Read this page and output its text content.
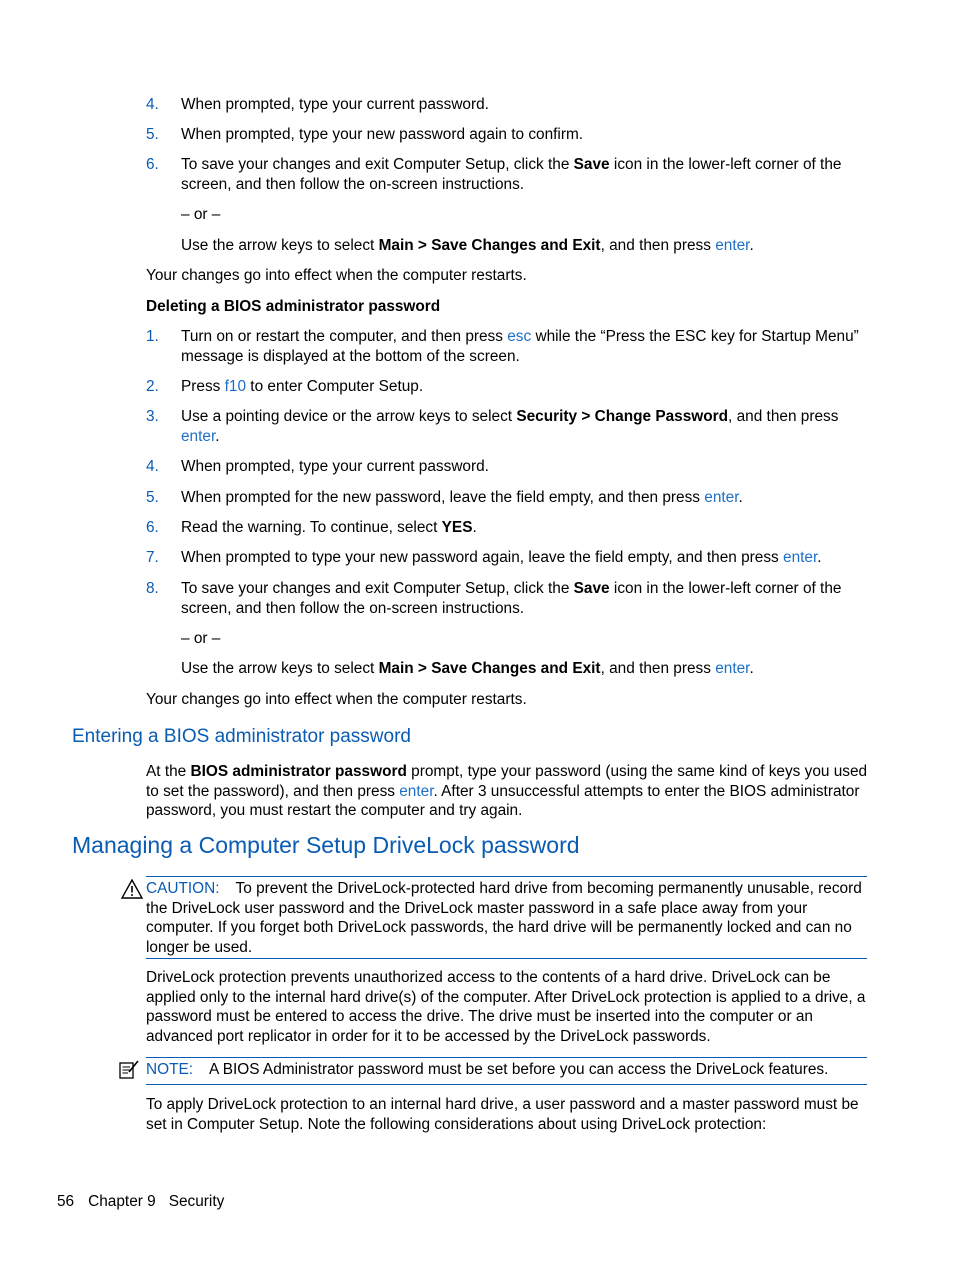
4. When prompted, type your current password.
5. When prompted, type your new password again to confirm.
6. To save your changes and exit Computer Setup, click the Save icon in the lower-left corner of the screen, and then follow the on-screen instructions.
– or –
Use the arrow keys to select Main > Save Changes and Exit, and then press enter.
Your changes go into effect when the computer restarts.
Deleting a BIOS administrator password
1. Turn on or restart the computer, and then press esc while the “Press the ESC key for Startup Menu” message is displayed at the bottom of the screen.
2. Press f10 to enter Computer Setup.
3. Use a pointing device or the arrow keys to select Security > Change Password, and then press enter.
4. When prompted, type your current password.
5. When prompted for the new password, leave the field empty, and then press enter.
6. Read the warning. To continue, select YES.
7. When prompted to type your new password again, leave the field empty, and then press enter.
8. To save your changes and exit Computer Setup, click the Save icon in the lower-left corner of the screen, and then follow the on-screen instructions.
– or –
Use the arrow keys to select Main > Save Changes and Exit, and then press enter.
Your changes go into effect when the computer restarts.
Entering a BIOS administrator password
At the BIOS administrator password prompt, type your password (using the same kind of keys you used to set the password), and then press enter. After 3 unsuccessful attempts to enter the BIOS administrator password, you must restart the computer and try again.
Managing a Computer Setup DriveLock password
CAUTION: To prevent the DriveLock-protected hard drive from becoming permanently unusable, record the DriveLock user password and the DriveLock master password in a safe place away from your computer. If you forget both DriveLock passwords, the hard drive will be permanently locked and can no longer be used.
DriveLock protection prevents unauthorized access to the contents of a hard drive. DriveLock can be applied only to the internal hard drive(s) of the computer. After DriveLock protection is applied to a drive, a password must be entered to access the drive. The drive must be inserted into the computer or an advanced port replicator in order for it to be accessed by the DriveLock passwords.
NOTE: A BIOS Administrator password must be set before you can access the DriveLock features.
To apply DriveLock protection to an internal hard drive, a user password and a master password must be set in Computer Setup. Note the following considerations about using DriveLock protection:
56 Chapter 9 Security
